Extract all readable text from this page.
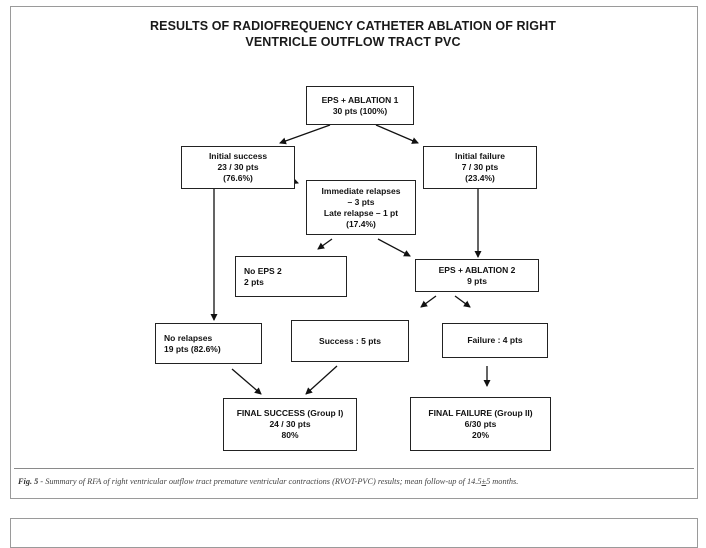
RESULTS OF RADIOFREQUENCY CATHETER ABLATION OF RIGHT
VENTRICLE OUTFLOW TRACT PVC
EPS + ABLATION 1
30 pts (100%)
Initial success
23 / 30 pts
(76.6%)
Initial failure
7 / 30 pts
(23.4%)
Immediate relapses
– 3 pts
Late relapse – 1 pt
(17.4%)
No EPS 2
2 pts
EPS + ABLATION 2
9 pts
No relapses
19 pts (82.6%)
Success : 5 pts	Failure : 4 pts
FINAL SUCCESS (Group I)
24 / 30 pts
80%
FINAL FAILURE (Group II)
6/30 pts
20%
Fig. 5 - Summary of RFA of right ventricular outflow tract premature ventricular contractions (RVOT-PVC) results; mean follow-up of 14.5±5 months.
